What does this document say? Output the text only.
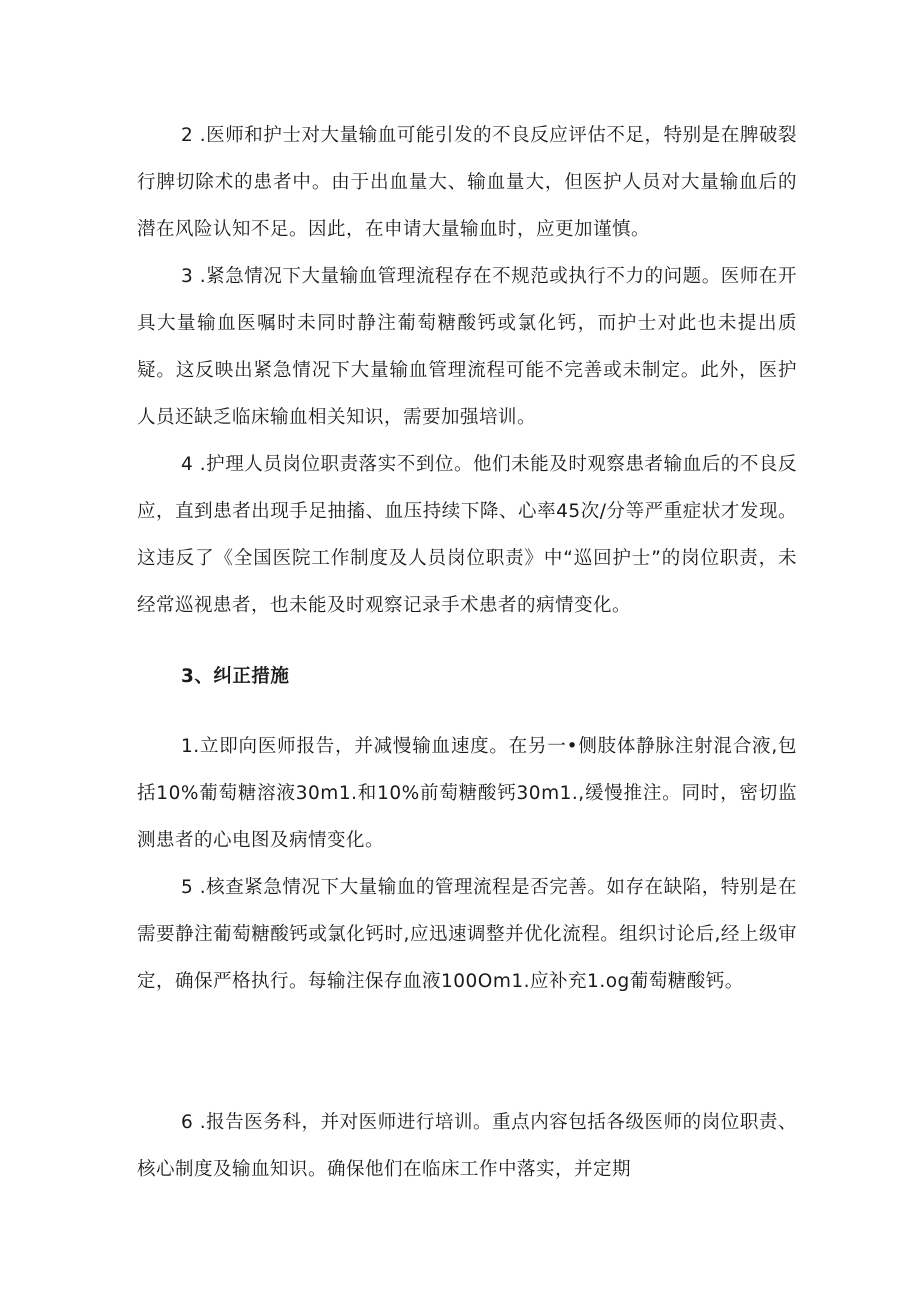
2 .医师和护士对大量输血可能引发的不良反应评估不足，特别是在脾破裂行脾切除术的患者中。由于出血量大、输血量大，但医护人员对大量输血后的潜在风险认知不足。因此，在申请大量输血时，应更加谨慎。

3 .紧急情况下大量输血管理流程存在不规范或执行不力的问题。医师在开具大量输血医嘱时未同时静注葡萄糖酸钙或氯化钙，而护士对此也未提出质疑。这反映出紧急情况下大量输血管理流程可能不完善或未制定。此外，医护人员还缺乏临床输血相关知识，需要加强培训。

4 .护理人员岗位职责落实不到位。他们未能及时观察患者输血后的不良反应，直到患者出现手足抽搐、血压持续下降、心率45次/分等严重症状才发现。这违反了《全国医院工作制度及人员岗位职责》中“巡回护士”的岗位职责，未经常巡视患者，也未能及时观察记录手术患者的病情变化。

3、纠正措施

1.立即向医师报告，并减慢输血速度。在另一•侧肢体静脉注射混合液,包括10%葡萄糖溶液30m1.和10%前萄糖酸钙30m1.,缓慢推注。同时，密切监测患者的心电图及病情变化。

5 .核查紧急情况下大量输血的管理流程是否完善。如存在缺陷，特别是在需要静注葡萄糖酸钙或氯化钙时,应迅速调整并优化流程。组织讨论后,经上级审定，确保严格执行。每输注保存血液100Om1.应补充1.og葡萄糖酸钙。

6 .报告医务科，并对医师进行培训。重点内容包括各级医师的岗位职责、核心制度及输血知识。确保他们在临床工作中落实，并定期
